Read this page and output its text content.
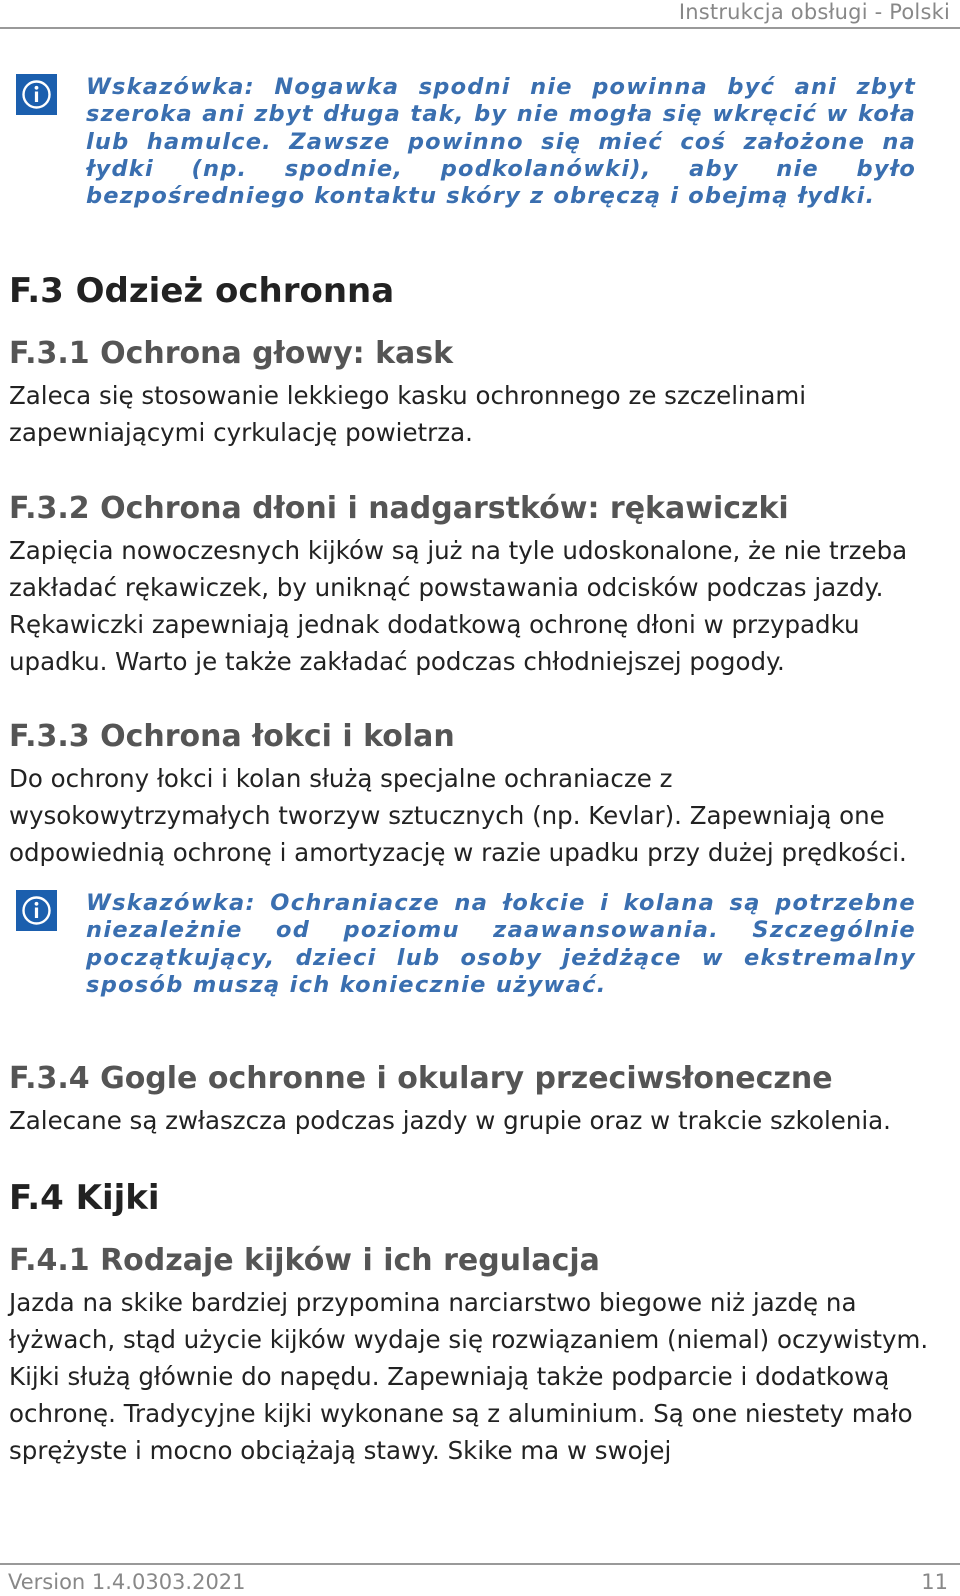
Instrukcja obsługi - Polski

Wskazówka: Nogawka spodni nie powinna być ani zbyt szeroka ani zbyt długa tak, by nie mogła się wkręcić w koła lub hamulce. Zawsze powinno się mieć coś założone na łydki (np. spodnie, podkolanówki), aby nie było bezpośredniego kontaktu skóry z obręczą i obejmą łydki.

F.3 Odzież ochronna
F.3.1 Ochrona głowy: kask

Zaleca się stosowanie lekkiego kasku ochronnego ze szczelinami zapewniającymi cyrkulację powietrza.

F.3.2 Ochrona dłoni i nadgarstków: rękawiczki

Zapięcia nowoczesnych kijków są już na tyle udoskonalone, że nie trzeba zakładać rękawiczek, by uniknąć powstawania odcisków podczas jazdy. Rękawiczki zapewniają jednak dodatkową ochronę dłoni w przypadku upadku. Warto je także zakładać podczas chłodniejszej pogody.

F.3.3 Ochrona łokci i kolan

Do ochrony łokci i kolan służą specjalne ochraniacze z wysokowytrzymałych tworzyw sztucznych (np. Kevlar). Zapewniają one odpowiednią ochronę i amortyzację w razie upadku przy dużej prędkości.

Wskazówka: Ochraniacze na łokcie i kolana są potrzebne niezależnie od poziomu zaawansowania. Szczególnie początkujący, dzieci lub osoby jeżdżące w ekstremalny sposób muszą ich koniecznie używać.

F.3.4 Gogle ochronne i okulary przeciwsłoneczne

Zalecane są zwłaszcza podczas jazdy w grupie oraz w trakcie szkolenia.

F.4 Kijki
F.4.1 Rodzaje kijków i ich regulacja

Jazda na skike bardziej przypomina narciarstwo biegowe niż jazdę na łyżwach, stąd użycie kijków wydaje się rozwiązaniem (niemal) oczywistym. Kijki służą głównie do napędu. Zapewniają także podparcie i dodatkową ochronę. Tradycyjne kijki wykonane są z aluminium. Są one niestety mało sprężyste i mocno obciążają stawy. Skike ma w swojej

Version 1.4.0303.2021	11
